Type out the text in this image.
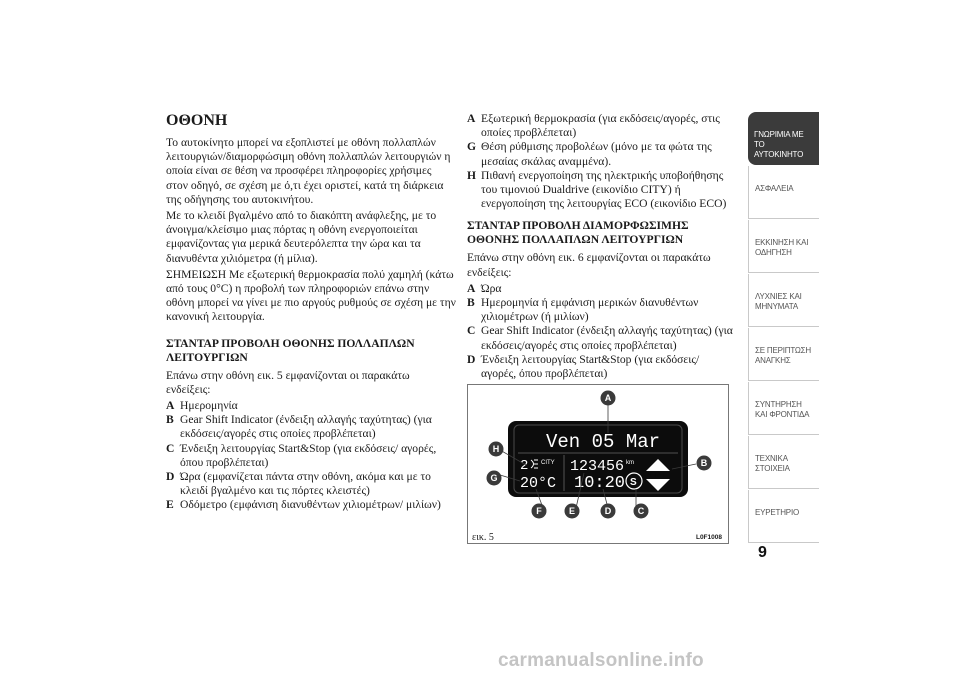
ΟΘΟΝΗ

Το αυτοκίνητο μπορεί να εξοπλιστεί με οθόνη πολλαπλών λειτουργιών/διαμορφώσιμη οθόνη πολλαπλών λειτουργιών η οποία είναι σε θέση να προσφέρει πληροφορίες χρήσιμες στον οδηγό, σε σχέση με ό,τι έχει οριστεί, κατά τη διάρκεια της οδήγησης του αυτοκινήτου.

Με το κλειδί βγαλμένο από το διακόπτη ανάφλεξης, με το άνοιγμα/κλείσιμο μιας πόρτας η οθόνη ενεργοποιείται εμφανίζοντας για μερικά δευτερόλεπτα την ώρα και τα διανυθέντα χιλιόμετρα (ή μίλια).

ΣΗΜΕΙΩΣΗ Με εξωτερική θερμοκρασία πολύ χαμηλή (κάτω από τους 0°C) η προβολή των πληροφοριών επάνω στην οθόνη μπορεί να γίνει με πιο αργούς ρυθμούς σε σχέση με την κανονική λειτουργία.

ΣΤΑΝΤΑΡ ΠΡΟΒΟΛΗ ΟΘΟΝΗΣ ΠΟΛΛΑΠΛΩΝ
ΛΕΙΤΟΥΡΓΙΩΝ

Επάνω στην οθόνη εικ. 5 εμφανίζονται οι παρακάτω ενδείξεις:

A Ημερομηνία

B Gear Shift Indicator (ένδειξη αλλαγής ταχύτητας) (για εκδόσεις/αγορές στις οποίες προβλέπεται)

C Ένδειξη λειτουργίας Start&Stop (για εκδόσεις/ αγορές, όπου προβλέπεται)

D Ώρα (εμφανίζεται πάντα στην οθόνη, ακόμα και με το κλειδί βγαλμένο και τις πόρτες κλειστές)

E Οδόμετρο (εμφάνιση διανυθέντων χιλιομέτρων/ μιλίων)

A Εξωτερική θερμοκρασία (για εκδόσεις/αγορές, στις οποίες προβλέπεται)

G Θέση ρύθμισης προβολέων (μόνο με τα φώτα της μεσαίας σκάλας αναμμένα).

H Πιθανή ενεργοποίηση της ηλεκτρικής υποβοήθησης του τιμονιού Dualdrive (εικονίδιο CITY) ή ενεργοποίηση της λειτουργίας ECO (εικονίδιο ECO)

ΣΤΑΝΤΑΡ ΠΡΟΒΟΛΗ ΔΙΑΜΟΡΦΩΣΙΜΗΣ
ΟΘΟΝΗΣ ΠΟΛΛΑΠΛΩΝ ΛΕΙΤΟΥΡΓΙΩΝ

Επάνω στην οθόνη εικ. 6 εμφανίζονται οι παρακάτω ενδείξεις:

A Ώρα

B Ημερομηνία ή εμφάνιση μερικών διανυθέντων χιλιομέτρων (ή μιλίων)

C Gear Shift Indicator (ένδειξη αλλαγής ταχύτητας) (για εκδόσεις/αγορές στις οποίες προβλέπεται)

D Ένδειξη λειτουργίας Start&Stop (για εκδόσεις/ αγορές, όπου προβλέπεται)

Ven 05 Mar
2 CITY 123456 km
20°C 10:20 S
SHIFT
A
B
C
D
E
F
G
H
εικ. 5	L0F1008
ΓΝΩΡΙΜΙΑ ΜΕ ΤΟ ΑΥΤΟΚΙΝΗΤΟ
ΑΣΦΑΛΕΙΑ
ΕΚΚΙΝΗΣΗ ΚΑΙ ΟΔΗΓΗΣΗ
ΛΥΧΝΙΕΣ ΚΑΙ ΜΗΝΥΜΑΤΑ
ΣΕ ΠΕΡΙΠΤΩΣΗ ΑΝΑΓΚΗΣ
ΣΥΝΤΗΡΗΣΗ ΚΑΙ ΦΡΟΝΤΙΔΑ
ΤΕΧΝΙΚΑ ΣΤΟΙΧΕΙΑ
ΕΥΡΕΤΗΡΙΟ
9
carmanualsonline.info
